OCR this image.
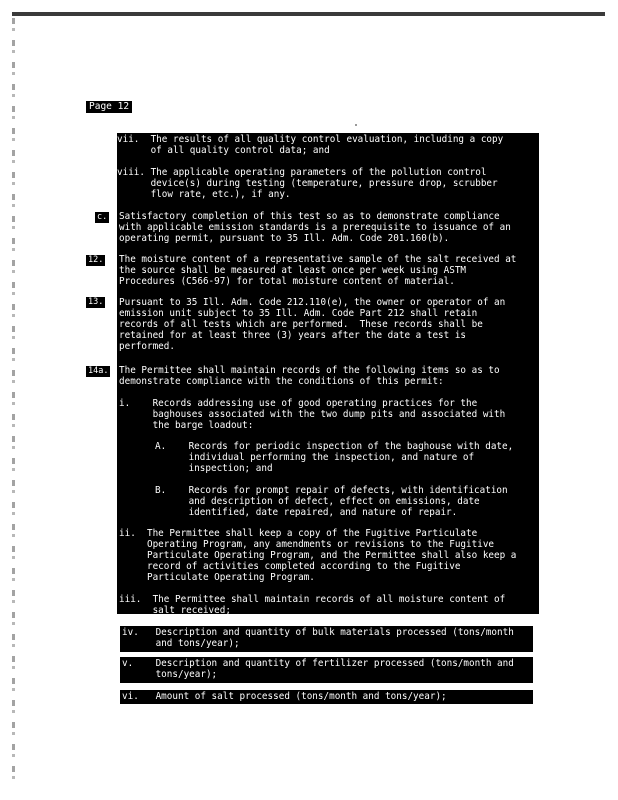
Page 12
vii.  The results of all quality control evaluation, including a copy
of all quality control data; and
viii. The applicable operating parameters of the pollution control
device(s) during testing (temperature, pressure drop, scrubber
flow rate, etc.), if any.
c. Satisfactory completion of this test so as to demonstrate compliance
with applicable emission standards is a prerequisite to issuance of an
operating permit, pursuant to 35 Ill. Adm. Code 201.160(b).
12. The moisture content of a representative sample of the salt received at
the source shall be measured at least once per week using ASTM
Procedures (C566-97) for total moisture content of material.
13. Pursuant to 35 Ill. Adm. Code 212.110(e), the owner or operator of an
emission unit subject to 35 Ill. Adm. Code Part 212 shall retain
records of all tests which are performed.  These records shall be
retained for at least three (3) years after the date a test is
performed.
14a. The Permittee shall maintain records of the following items so as to
demonstrate compliance with the conditions of this permit:
i.    Records addressing use of good operating practices for the
baghouses associated with the two dump pits and associated with
the barge loadout:
A.    Records for periodic inspection of the baghouse with date,
individual performing the inspection, and nature of
inspection; and
B.    Records for prompt repair of defects, with identification
and description of defect, effect on emissions, date
identified, date repaired, and nature of repair.
ii.  The Permittee shall keep a copy of the Fugitive Particulate
Operating Program, any amendments or revisions to the Fugitive
Particulate Operating Program, and the Permittee shall also keep a
record of activities completed according to the Fugitive
Particulate Operating Program.
iii.  The Permittee shall maintain records of all moisture content of
salt received;
iv.   Description and quantity of bulk materials processed (tons/month
and tons/year);
v.    Description and quantity of fertilizer processed (tons/month and
tons/year);
vi.   Amount of salt processed (tons/month and tons/year);
